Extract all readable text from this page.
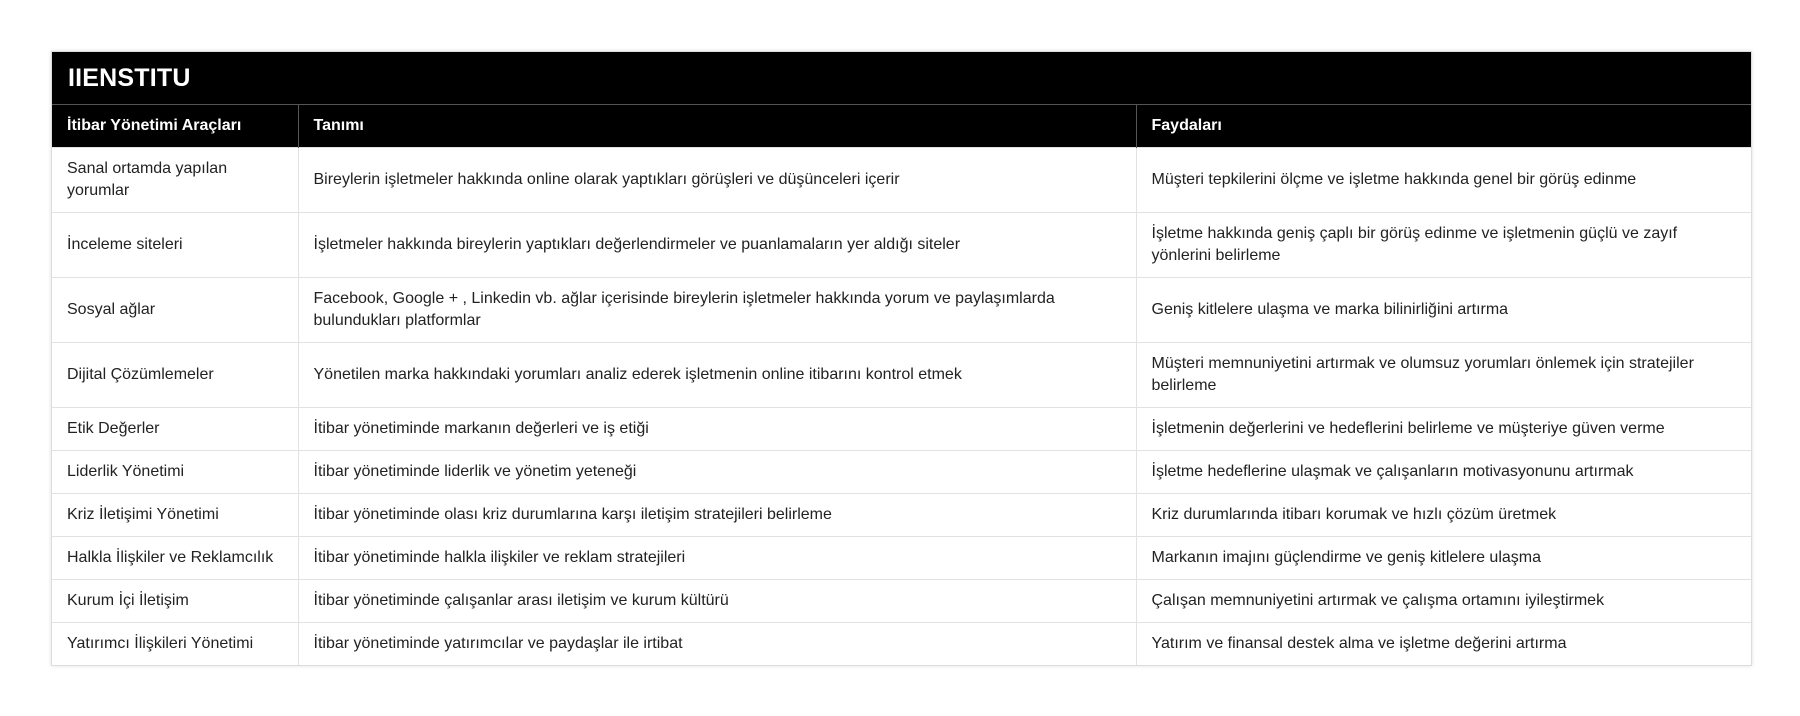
IIENSTITU
İtibar Yönetimi Araçları	Tanımı	Faydaları
Sanal ortamda yapılan yorumlar	Bireylerin işletmeler hakkında online olarak yaptıkları görüşleri ve düşünceleri içerir	Müşteri tepkilerini ölçme ve işletme hakkında genel bir görüş edinme
İnceleme siteleri	İşletmeler hakkında bireylerin yaptıkları değerlendirmeler ve puanlamaların yer aldığı siteler	İşletme hakkında geniş çaplı bir görüş edinme ve işletmenin güçlü ve zayıf yönlerini belirleme
Sosyal ağlar	Facebook, Google + , Linkedin vb. ağlar içerisinde bireylerin işletmeler hakkında yorum ve paylaşımlarda bulundukları platformlar	Geniş kitlelere ulaşma ve marka bilinirliğini artırma
Dijital Çözümlemeler	Yönetilen marka hakkındaki yorumları analiz ederek işletmenin online itibarını kontrol etmek	Müşteri memnuniyetini artırmak ve olumsuz yorumları önlemek için stratejiler belirleme
Etik Değerler	İtibar yönetiminde markanın değerleri ve iş etiği	İşletmenin değerlerini ve hedeflerini belirleme ve müşteriye güven verme
Liderlik Yönetimi	İtibar yönetiminde liderlik ve yönetim yeteneği	İşletme hedeflerine ulaşmak ve çalışanların motivasyonunu artırmak
Kriz İletişimi Yönetimi	İtibar yönetiminde olası kriz durumlarına karşı iletişim stratejileri belirleme	Kriz durumlarında itibarı korumak ve hızlı çözüm üretmek
Halkla İlişkiler ve Reklamcılık	İtibar yönetiminde halkla ilişkiler ve reklam stratejileri	Markanın imajını güçlendirme ve geniş kitlelere ulaşma
Kurum İçi İletişim	İtibar yönetiminde çalışanlar arası iletişim ve kurum kültürü	Çalışan memnuniyetini artırmak ve çalışma ortamını iyileştirmek
Yatırımcı İlişkileri Yönetimi	İtibar yönetiminde yatırımcılar ve paydaşlar ile irtibat	Yatırım ve finansal destek alma ve işletme değerini artırma
